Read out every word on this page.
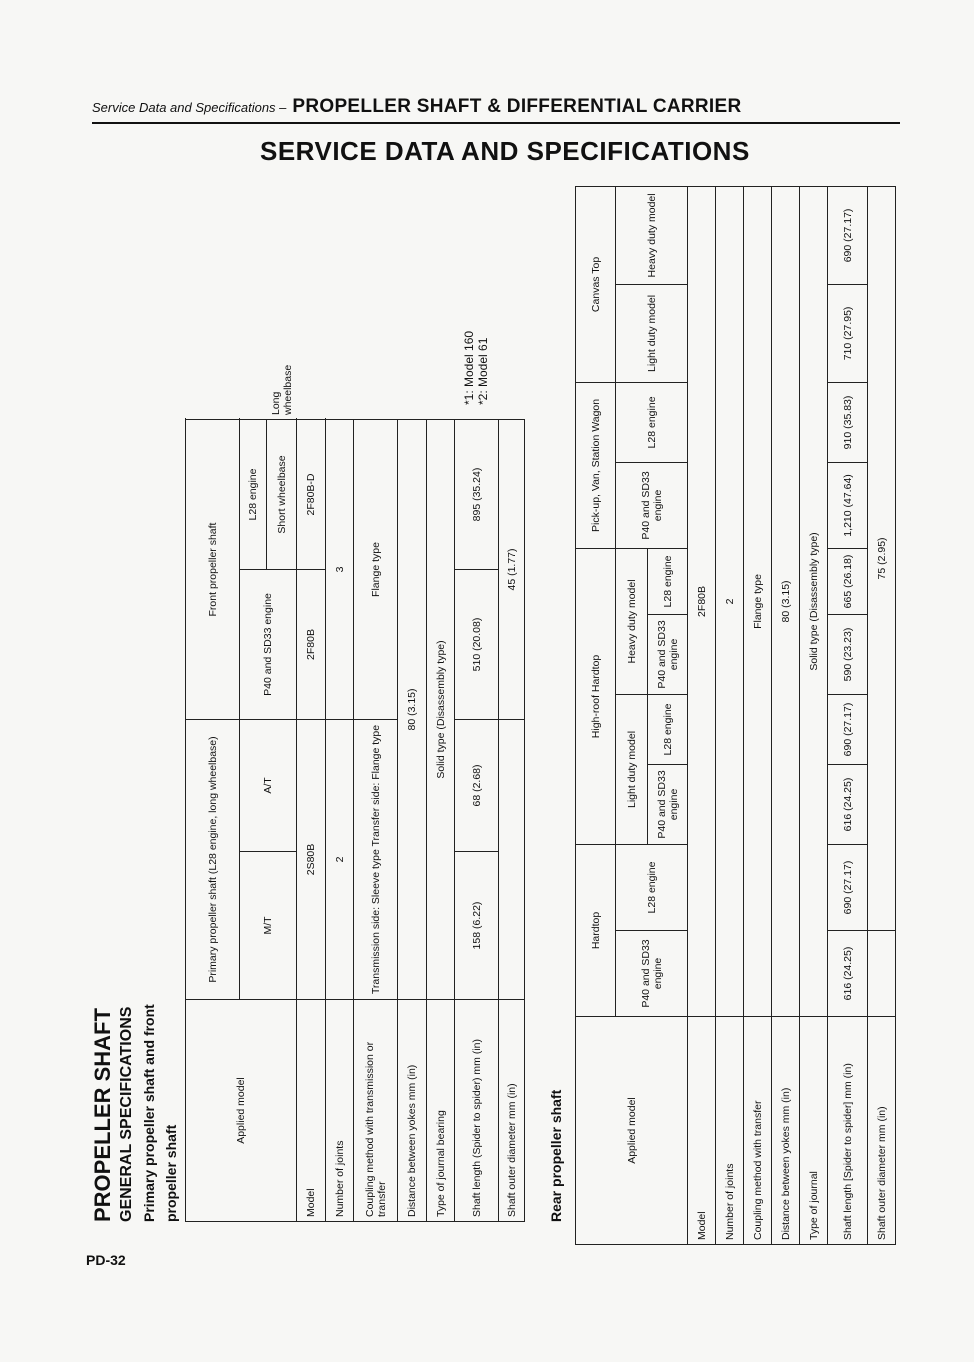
Service Data and Specifications – PROPELLER SHAFT & DIFFERENTIAL CARRIER
SERVICE DATA AND SPECIFICATIONS
PROPELLER SHAFT GENERAL SPECIFICATIONS Primary propeller shaft and front propeller shaft
Applied model	Primary propeller shaft (L28 engine, long wheelbase)		Front propeller shaft		
	M/T	A/T	P40 and SD33 engine	L28 engine	
				Short wheelbase	Long wheelbase
Model	2S80B	2F80B	2F80B-D
Number of joints	2		3	
Coupling method with transmission or transfer	Transmission side: Sleeve type Transfer side: Flange type		Flange type	
Distance between yokes mm (in)	80 (3.15)			
Type of journal bearing	Solid type (Disassembly type)			
Shaft length (Spider to spider) mm (in)	158 (6.22)	68 (2.68)	510 (20.08)	895 (35.24)
Shaft outer diameter mm (in)			45 (1.77)	
*1: Model 160 *2: Model 61
Rear propeller shaft	Applied model	Hardtop		High-roof Hardtop				Pick-up, Van, Station Wagon		Canvas Top	
	P40 and SD33 engine	L28 engine	Light duty model		Heavy duty model		P40 and SD33 engine	L28 engine	Light duty model	Heavy duty model
			P40 and SD33 engine	L28 engine	P40 and SD33 engine	L28 engine				
Model	2F80B									
Number of joints	2									
Coupling method with transfer	Flange type									
Distance between yokes mm (in)	80 (3.15)									
Type of journal	Solid type (Disassembly type)									
Shaft length [Spider to spider] mm (in)	616 (24.25)	690 (27.17)	616 (24.25)	690 (27.17)	590 (23.23)	665 (26.18)	1,210 (47.64)	910 (35.83)	710 (27.95)	690 (27.17)
Shaft outer diameter mm (in)		75 (2.95)								
PD-32
